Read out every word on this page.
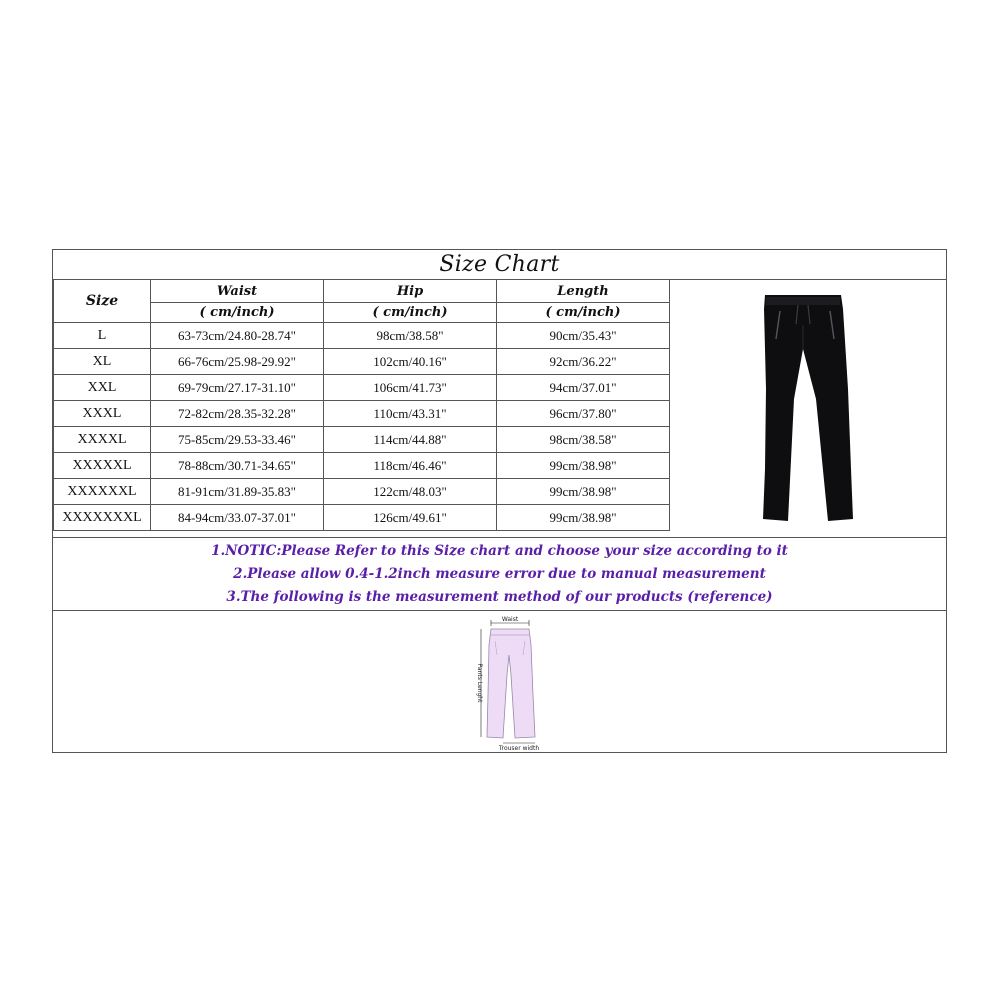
Size Chart
Size	Waist	Hip	Length
	( cm/inch)	( cm/inch)	( cm/inch)
L	63-73cm/24.80-28.74"	98cm/38.58"	90cm/35.43"
XL	66-76cm/25.98-29.92"	102cm/40.16"	92cm/36.22"
XXL	69-79cm/27.17-31.10"	106cm/41.73"	94cm/37.01"
XXXL	72-82cm/28.35-32.28"	110cm/43.31"	96cm/37.80"
XXXXL	75-85cm/29.53-33.46"	114cm/44.88"	98cm/38.58"
XXXXXL	78-88cm/30.71-34.65"	118cm/46.46"	99cm/38.98"
XXXXXXL	81-91cm/31.89-35.83"	122cm/48.03"	99cm/38.98"
XXXXXXXL	84-94cm/33.07-37.01"	126cm/49.61"	99cm/38.98"
1.NOTIC:Please Refer to this Size chart and choose your size according to it
2.Please allow 0.4-1.2inch measure error due to manual measurement
3.The following is the measurement method of our products (reference)
Waist
Pants Lenght
Trouser width
